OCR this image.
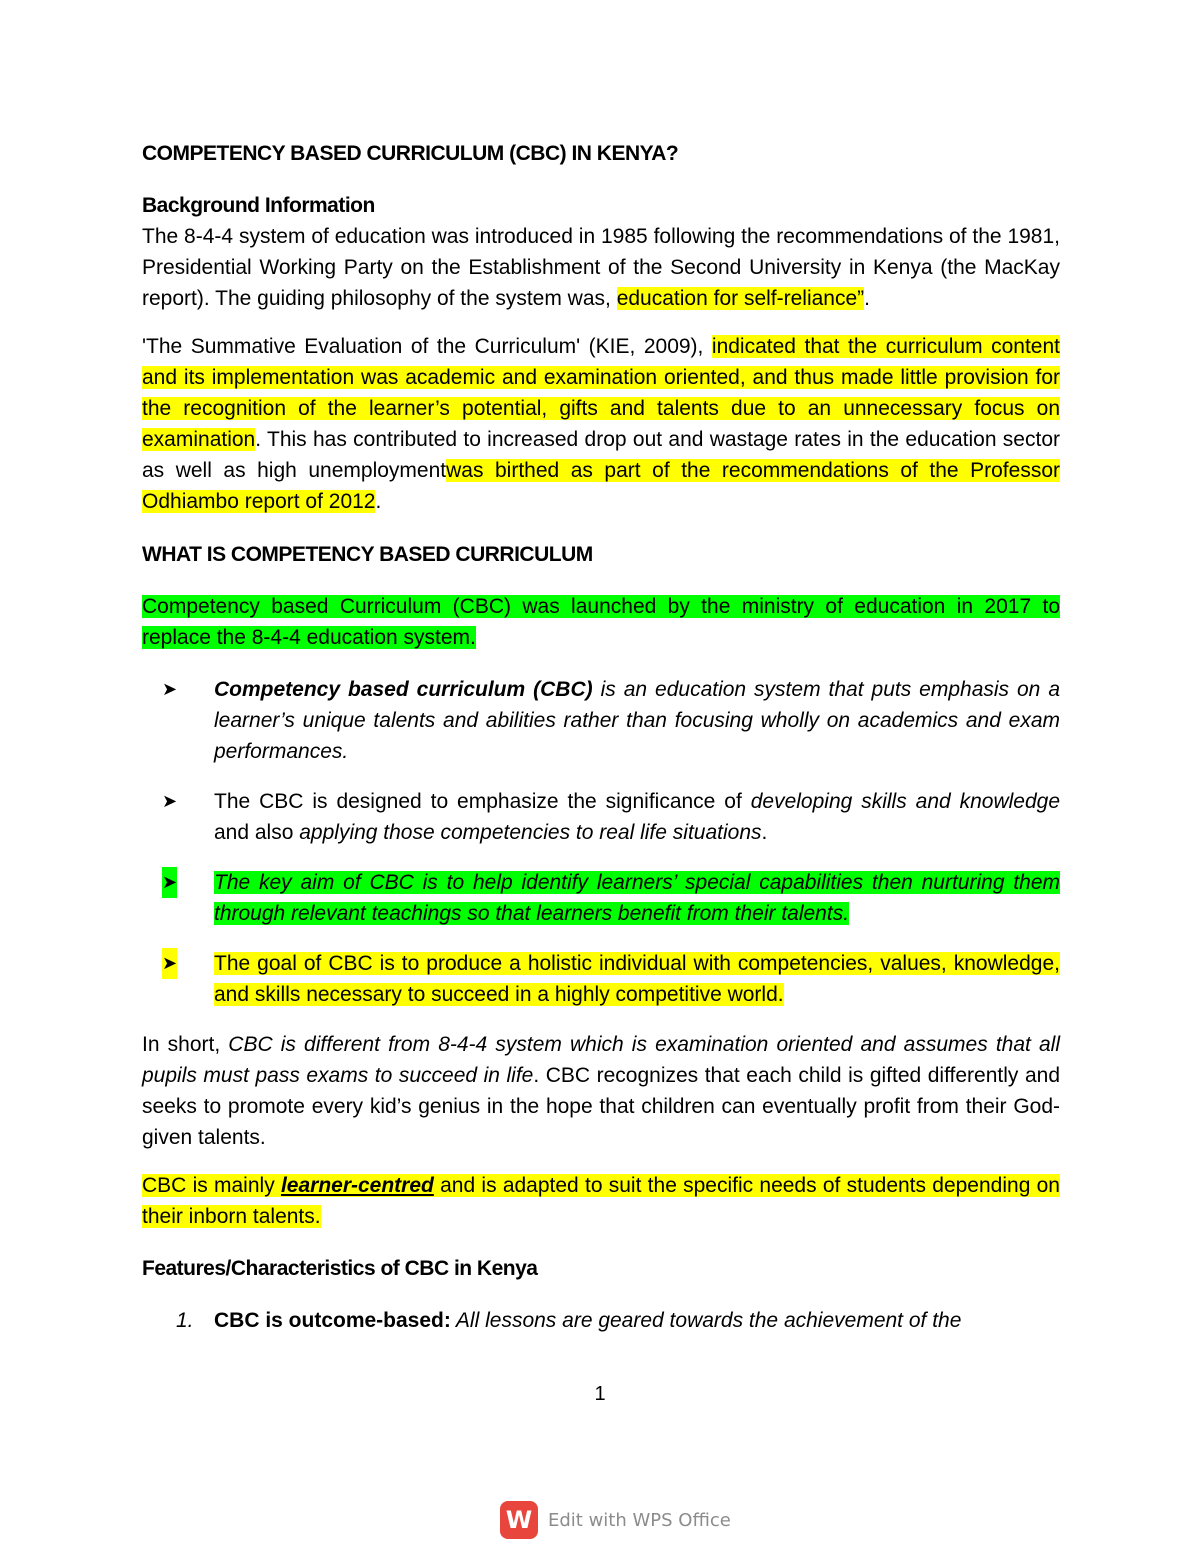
COMPETENCY BASED CURRICULUM (CBC) IN KENYA?
Background Information

The 8-4-4 system of education was introduced in 1985 following the recommendations of the 1981, Presidential Working Party on the Establishment of the Second University in Kenya (the MacKay report). The guiding philosophy of the system was, education for self-reliance”.

'The Summative Evaluation of the Curriculum' (KIE, 2009), indicated that the curriculum content and its implementation was academic and examination oriented, and thus made little provision for the recognition of the learner’s potential, gifts and talents due to an unnecessary focus on examination. This has contributed to increased drop out and wastage rates in the education sector as well as high unemploymentwas birthed as part of the recommendations of the Professor Odhiambo report of 2012.

WHAT IS COMPETENCY BASED CURRICULUM

Competency based Curriculum (CBC) was launched by the ministry of education in 2017 to replace the 8-4-4 education system.

➤ Competency based curriculum (CBC) is an education system that puts emphasis on a learner’s unique talents and abilities rather than focusing wholly on academics and exam performances.
➤ The CBC is designed to emphasize the significance of developing skills and knowledge and also applying those competencies to real life situations.
➤ The key aim of CBC is to help identify learners’ special capabilities then nurturing them through relevant teachings so that learners benefit from their talents.
➤ The goal of CBC is to produce a holistic individual with competencies, values, knowledge, and skills necessary to succeed in a highly competitive world.

In short, CBC is different from 8-4-4 system which is examination oriented and assumes that all pupils must pass exams to succeed in life. CBC recognizes that each child is gifted differently and seeks to promote every kid’s genius in the hope that children can eventually profit from their God-given talents.

CBC is mainly learner-centred and is adapted to suit the specific needs of students depending on their inborn talents.

Features/Characteristics of CBC in Kenya
1. CBC is outcome-based: All lessons are geared towards the achievement of the
1
W Edit with WPS Office
